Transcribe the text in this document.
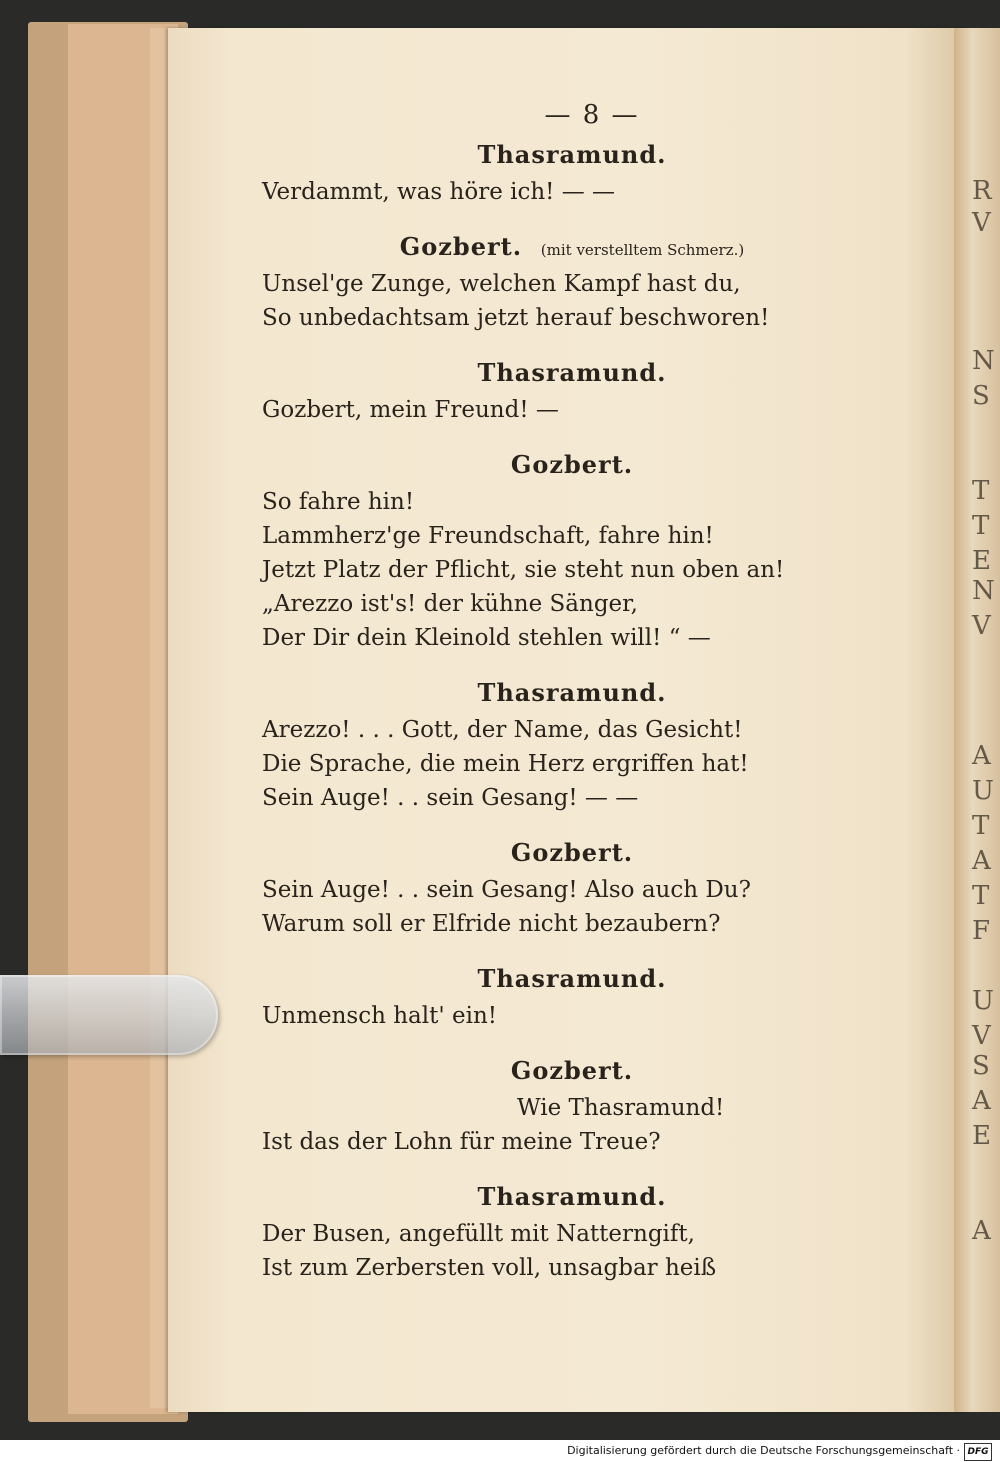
R
V
N
S
T
T
E
N
V
A
U
T
A
T
F
U
V
S
A
E
A
— 8 —
Thasramund.
Verdammt, was höre ich! — —
Gozbert. (mit verstelltem Schmerz.)
Unsel'ge Zunge, welchen Kampf hast du,
So unbedachtsam jetzt herauf beschworen!
Thasramund.
Gozbert, mein Freund! —
Gozbert.
So fahre hin!
Lammherz'ge Freundschaft, fahre hin!
Jetzt Platz der Pflicht, sie steht nun oben an!
„Arezzo ist's! der kühne Sänger,
Der Dir dein Kleinold stehlen will! “ —
Thasramund.
Arezzo! . . . Gott, der Name, das Gesicht!
Die Sprache, die mein Herz ergriffen hat!
Sein Auge! . . sein Gesang! — —
Gozbert.
Sein Auge! . . sein Gesang! Also auch Du?
Warum soll er Elfride nicht bezaubern?
Thasramund.
Unmensch halt' ein!
Gozbert.
Wie Thasramund!
Ist das der Lohn für meine Treue?
Thasramund.
Der Busen, angefüllt mit Natterngift,
Ist zum Zerbersten voll, unsagbar heiß
Digitalisierung gefördert durch die Deutsche Forschungsgemeinschaft · DFG
